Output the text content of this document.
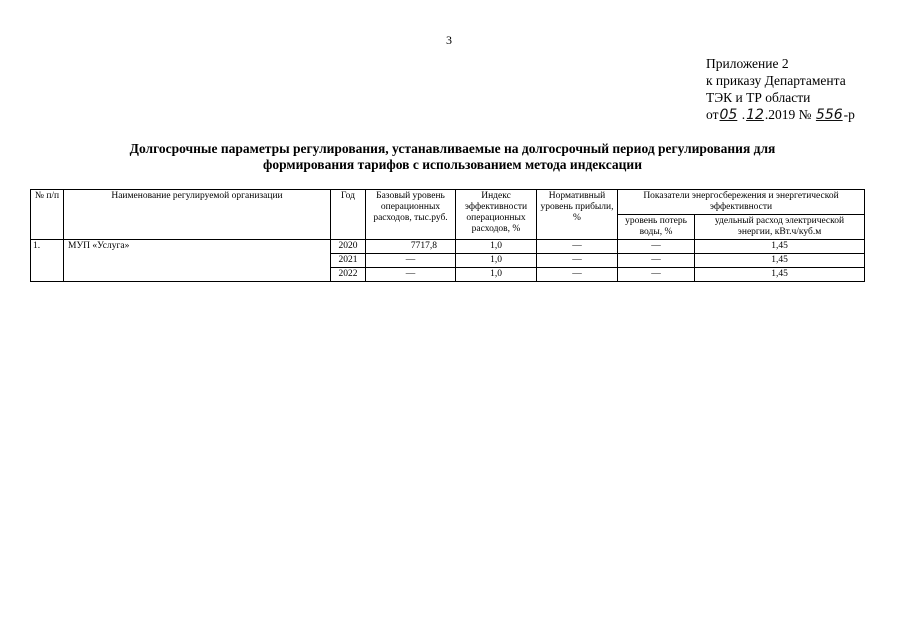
3
Приложение 2
к приказу Департамента
ТЭК и ТР области
от05 .12.2019 № 556-р
Долгосрочные параметры регулирования, устанавливаемые на долгосрочный период регулирования для
формирования тарифов с использованием метода индексации
№ п/п	Наименование регулируемой организации	Год	Базовый уровень операционных расходов, тыс.руб.	Индекс эффективности операционных расходов, %	Нормативный уровень прибыли, %	Показатели энергосбережения и энергетической эффективности	
						уровень потерь воды, %	удельный расход электрической энергии, кВт.ч/куб.м
1.	МУП «Услуга»	2020	7717,8	1,0	—	—	1,45
		2021	—	1,0	—	—	1,45
		2022	—	1,0	—	—	1,45
